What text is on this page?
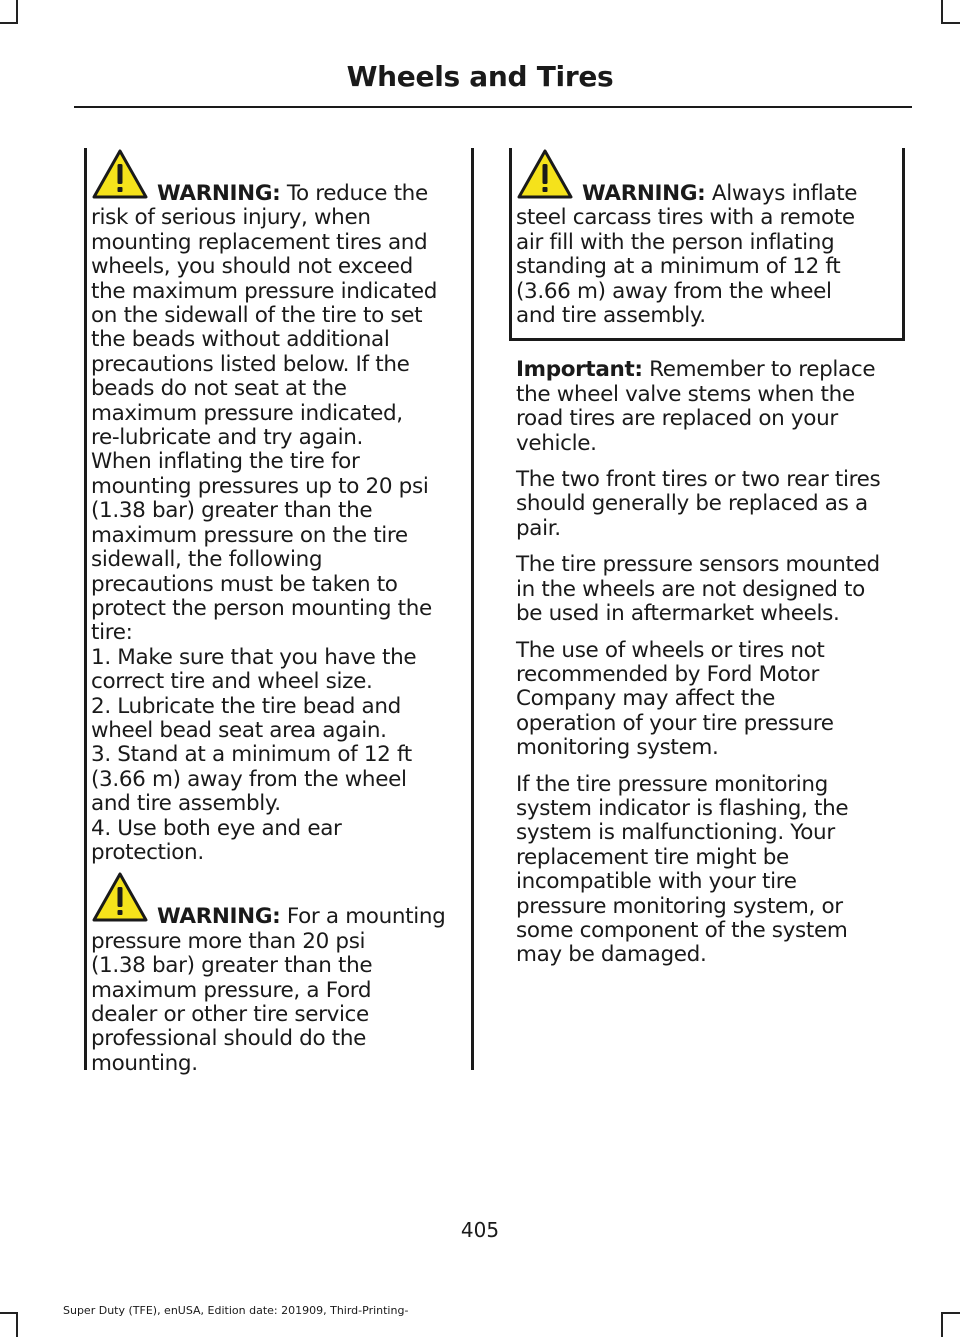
Wheels and Tires
WARNING: To reduce the
risk of serious injury, when
mounting replacement tires and
wheels, you should not exceed
the maximum pressure indicated
on the sidewall of the tire to set
the beads without additional
precautions listed below. If the
beads do not seat at the
maximum pressure indicated,
re-lubricate and try again.
When inflating the tire for
mounting pressures up to 20 psi
(1.38 bar) greater than the
maximum pressure on the tire
sidewall, the following
precautions must be taken to
protect the person mounting the
tire:
1. Make sure that you have the
correct tire and wheel size.
2. Lubricate the tire bead and
wheel bead seat area again.
3. Stand at a minimum of 12 ft
(3.66 m) away from the wheel
and tire assembly.
4. Use both eye and ear
protection.
WARNING: For a mounting
pressure more than 20 psi
(1.38 bar) greater than the
maximum pressure, a Ford
dealer or other tire service
professional should do the
mounting.
WARNING: Always inflate
steel carcass tires with a remote
air fill with the person inflating
standing at a minimum of 12 ft
(3.66 m) away from the wheel
and tire assembly.
Important: Remember to replace
the wheel valve stems when the
road tires are replaced on your
vehicle.
The two front tires or two rear tires
should generally be replaced as a
pair.
The tire pressure sensors mounted
in the wheels are not designed to
be used in aftermarket wheels.
The use of wheels or tires not
recommended by Ford Motor
Company may affect the
operation of your tire pressure
monitoring system.
If the tire pressure monitoring
system indicator is flashing, the
system is malfunctioning. Your
replacement tire might be
incompatible with your tire
pressure monitoring system, or
some component of the system
may be damaged.
405
Super Duty (TFE), enUSA, Edition date: 201909, Third-Printing-
